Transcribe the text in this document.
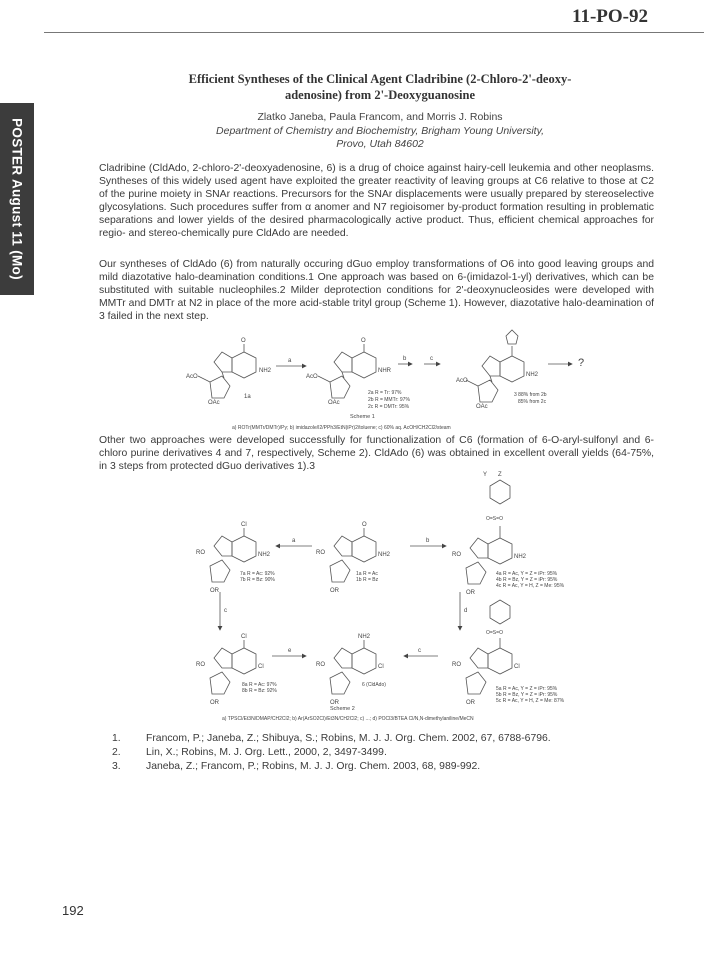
11-PO-92
POSTER August 11 (Mo)
Efficient Syntheses of the Clinical Agent Cladribine (2-Chloro-2'-deoxy-
adenosine) from 2'-Deoxyguanosine
Zlatko Janeba, Paula Francom, and Morris J. Robins
Department of Chemistry and Biochemistry, Brigham Young University,
Provo, Utah 84602
Cladribine (CldAdo, 2-chloro-2'-deoxyadenosine, 6) is a drug of choice against hairy-cell leukemia and other neoplasms. Syntheses of this widely used agent have exploited the greater reactivity of leaving groups at C6 relative to those at C2 of the purine moiety in SNAr reactions. Precursors for the SNAr displacements were usually prepared by stereoselective glycosylations. Such procedures suffer from α anomer and N7 regioisomer by-product formation resulting in problematic separations and lower yields of the desired pharmacologically active product. Thus, efficient chemical approaches for regio- and stereo-chemically pure CldAdo are needed.
Our syntheses of CldAdo (6) from naturally occuring dGuo employ transformations of O6 into good leaving groups and mild diazotative halo-deamination conditions.1 One approach was based on 6-(imidazol-1-yl) derivatives, which can be substituted with suitable nucleophiles.2 Milder deprotection conditions for 2'-deoxynucleosides were developed with MMTr and DMTr at N2 in place of the more acid-stable trityl group (Scheme 1). However, diazotative halo-deamination of 3 failed in the next step.
Other two approaches were developed successfully for functionalization of C6 (formation of 6-O-aryl-sulfonyl and 6-chloro purine derivatives 4 and 7, respectively, Scheme 2). CldAdo (6) was obtained in excellent overall yields (64-75%, in 3 steps from protected dGuo derivatives 1).3
AcO
OAc
NH2
O
1a
AcO
OAc
NHR
O
AcO
OAc
NH2
a	b	c	?
2a R = Tr: 97%
2b R = MMTr: 97%
2c R = DMTr: 95%
3 88% from 2b
85% from 2c
Scheme 1
a) ROTr(MMTr/DMTr)/Py; b) imidazole/I2/PPh3/EtN(iPr)2/toluene; c) 60% aq. AcOH/CH2Cl2/steam
RO
OR
Cl
NH2	RO
OR
O
NH2	RO
OR
NH2
O=S=O
Y Z
RO
OR
Cl
Cl	RO
OR
NH2
Cl	RO
OR
Cl
O=S=O
a	b
c	d
e	c
7a R = Ac: 92%
7b R = Bz: 90%
1a R = Ac
1b R = Bz
4a R = Ac, Y = Z = iPr: 95%
4b R = Bz, Y = Z = iPr: 95%
4c R = Ac, Y = H, Z = Me: 95%
8a R = Ac: 97%
8b R = Bz: 92%
6 (CldAdo)
5a R = Ac, Y = Z = iPr: 95%
5b R = Bz, Y = Z = iPr: 95%
5c R = Ac, Y = H, Z = Me: 87%
Scheme 2
a) TPSCl/Et3N/DMAP/CH2Cl2; b) Ar(ArSO2Cl)/Et3N/CH2Cl2; c) ...; d) POCl3/BTEA Cl/N,N-dimethylaniline/MeCN
1.	Francom, P.; Janeba, Z.; Shibuya, S.; Robins, M. J. J. Org. Chem. 2002, 67, 6788-6796.
2.	Lin, X.; Robins, M. J. Org. Lett., 2000, 2, 3497-3499.
3.	Janeba, Z.; Francom, P.; Robins, M. J. J. Org. Chem. 2003, 68, 989-992.
192
